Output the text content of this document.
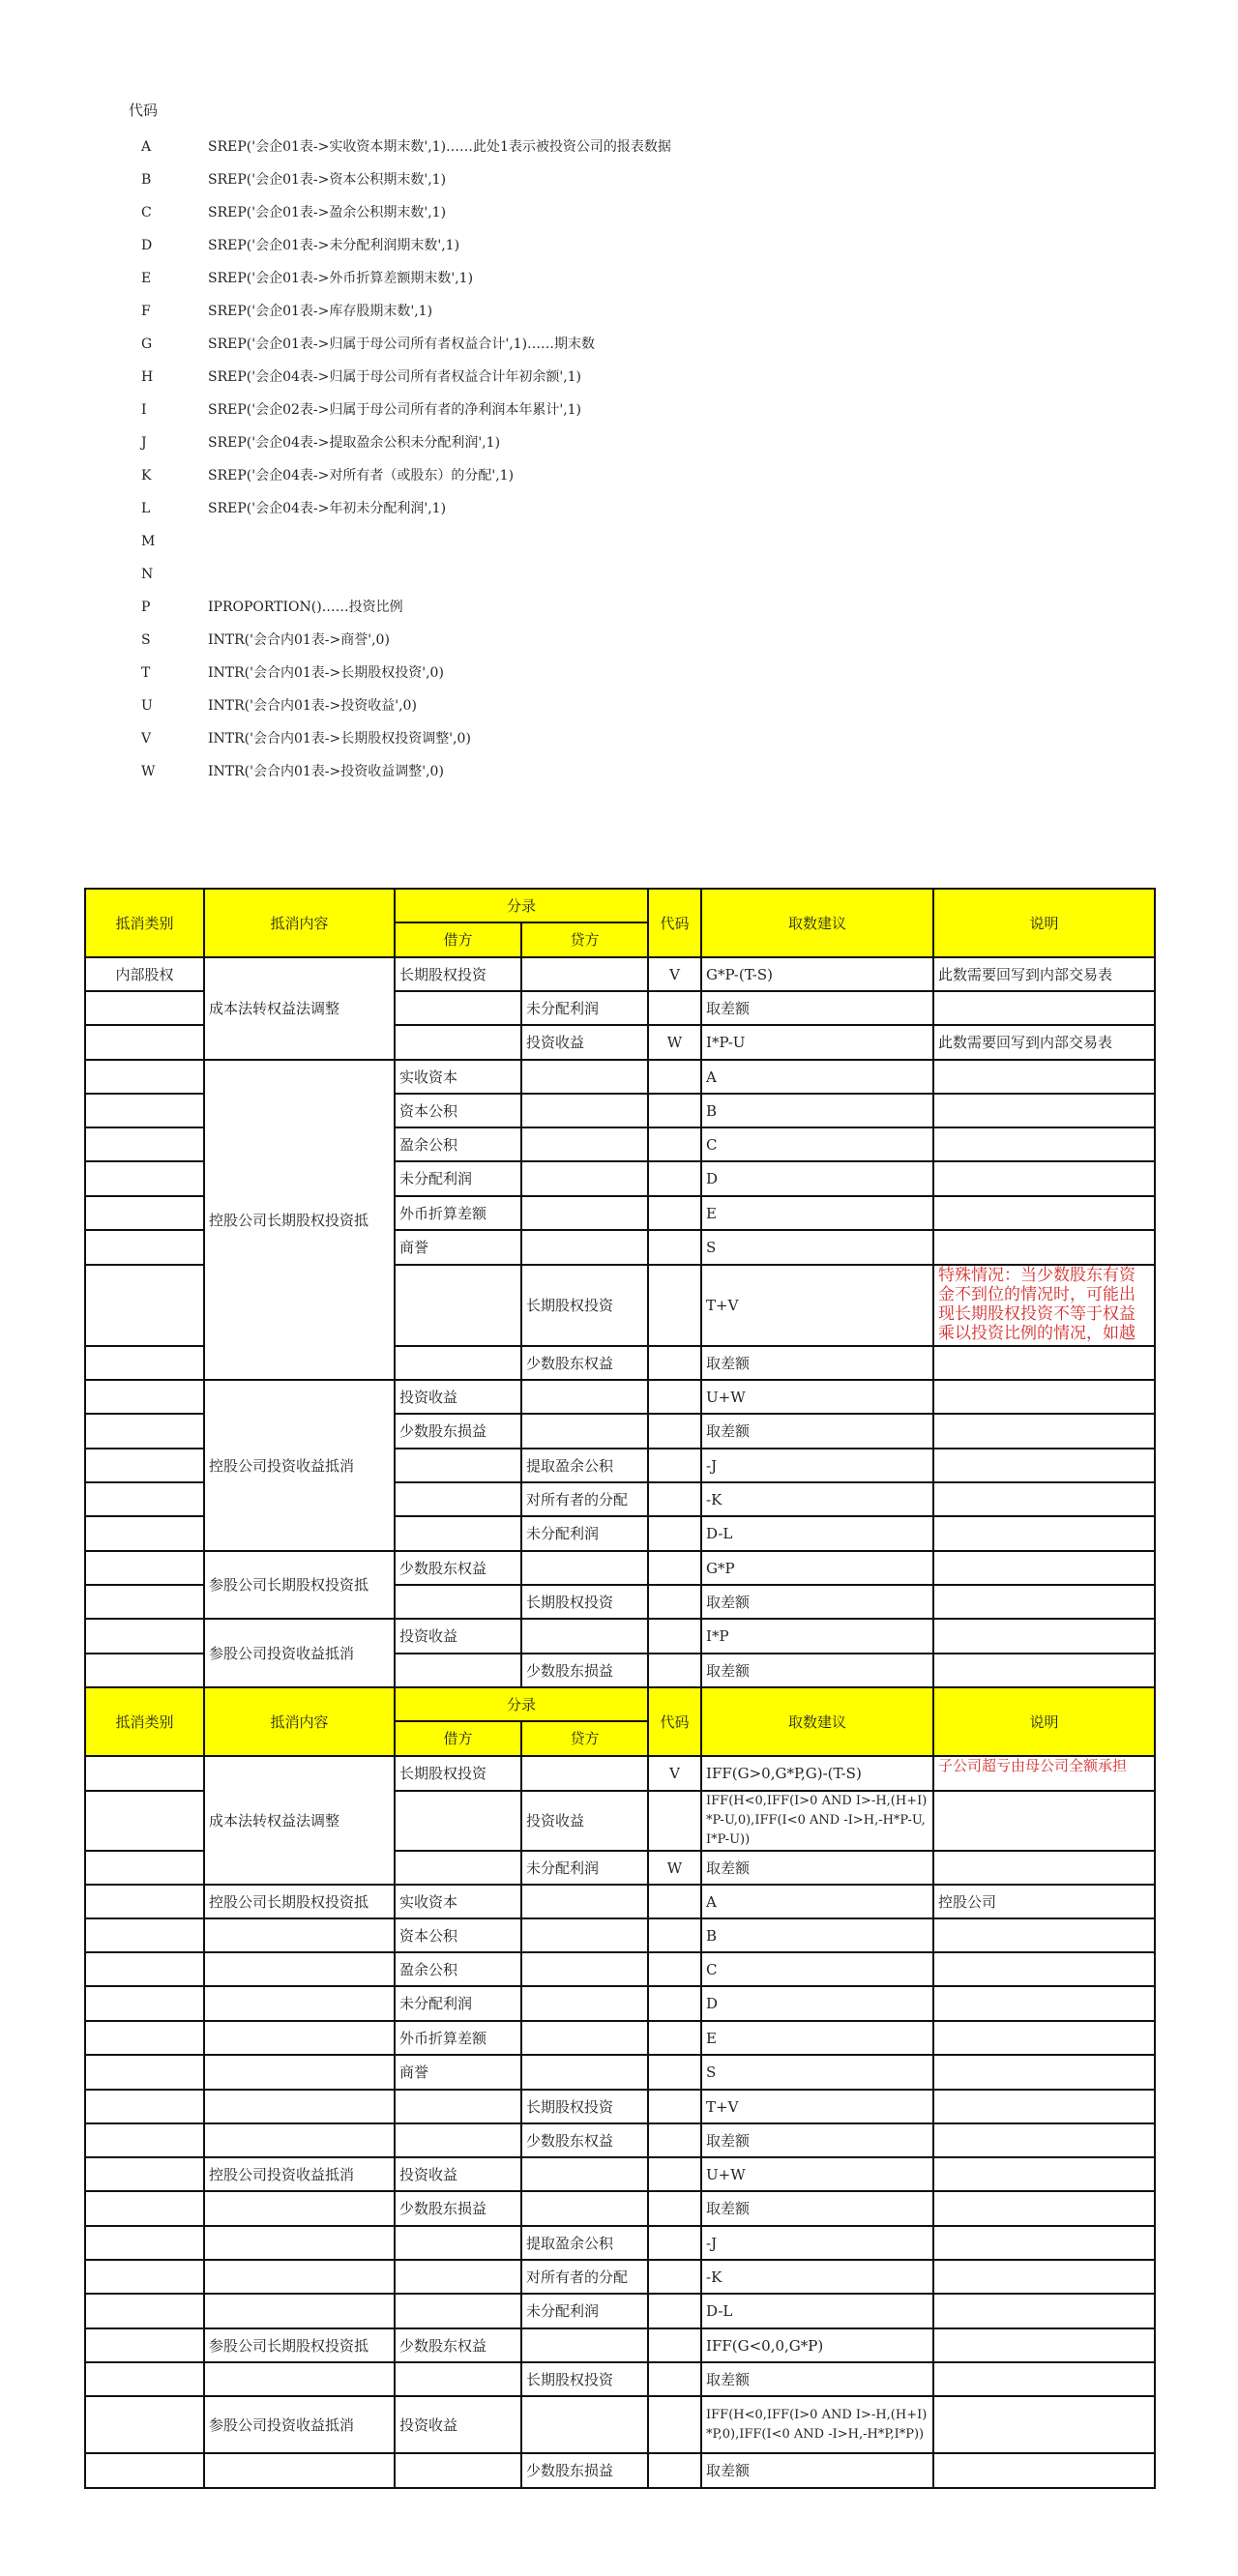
代码
A	SREP('会企01表->实收资本期末数',1)……此处1表示被投资公司的报表数据
B	SREP('会企01表->资本公积期末数',1)
C	SREP('会企01表->盈余公积期末数',1)
D	SREP('会企01表->未分配利润期末数',1)
E	SREP('会企01表->外币折算差额期末数',1)
F	SREP('会企01表->库存股期末数',1)
G	SREP('会企01表->归属于母公司所有者权益合计',1)……期末数
H	SREP('会企04表->归属于母公司所有者权益合计年初余额',1)
I	SREP('会企02表->归属于母公司所有者的净利润本年累计',1)
J	SREP('会企04表->提取盈余公积未分配利润',1)
K	SREP('会企04表->对所有者（或股东）的分配',1)
L	SREP('会企04表->年初未分配利润',1)
M
N
P	IPROPORTION()……投资比例
S	INTR('会合内01表->商誉',0)
T	INTR('会合内01表->长期股权投资',0)
U	INTR('会合内01表->投资收益',0)
V	INTR('会合内01表->长期股权投资调整',0)
W	INTR('会合内01表->投资收益调整',0)
抵消类别	抵消内容	分录		代码	取数建议	说明
		借方	贷方			
内部股权	成本法转权益法调整	长期股权投资		V	G*P-(T-S)	此数需要回写到内部交易表
			未分配利润		取差额	
			投资收益	W	I*P-U	此数需要回写到内部交易表
	控股公司长期股权投资抵	实收资本			A	
		资本公积			B	
		盈余公积			C	
		未分配利润			D	
		外币折算差额			E	
		商誉			S	
			长期股权投资		T+V	特殊情况：当少数股东有资金不到位的情况时，可能出现长期股权投资不等于权益乘以投资比例的情况，如越
			少数股东权益		取差额	
	控股公司投资收益抵消	投资收益			U+W	
		少数股东损益			取差额	
			提取盈余公积		-J	
			对所有者的分配		-K	
			未分配利润		D-L	
	参股公司长期股权投资抵	少数股东权益			G*P	
			长期股权投资		取差额	
	参股公司投资收益抵消	投资收益			I*P	
			少数股东损益		取差额	
抵消类别	抵消内容	分录		代码	取数建议	说明
		借方	贷方			
	成本法转权益法调整	长期股权投资		V	IFF(G>0,G*P,G)-(T-S)	子公司超亏由母公司全额承担
			投资收益		IFF(H<0,IFF(I>0 AND I>-H,(H+I)*P-U,0),IFF(I<0 AND -I>H,-H*P-U,I*P-U))	
			未分配利润	W	取差额	
	控股公司长期股权投资抵	实收资本			A	控股公司
		资本公积			B	
		盈余公积			C	
		未分配利润			D	
		外币折算差额			E	
		商誉			S	
			长期股权投资		T+V	
			少数股东权益		取差额	
	控股公司投资收益抵消	投资收益			U+W	
		少数股东损益			取差额	
			提取盈余公积		-J	
			对所有者的分配		-K	
			未分配利润		D-L	
	参股公司长期股权投资抵	少数股东权益			IFF(G<0,0,G*P)	
			长期股权投资		取差额	
	参股公司投资收益抵消	投资收益			IFF(H<0,IFF(I>0 AND I>-H,(H+I)*P,0),IFF(I<0 AND -I>H,-H*P,I*P))	
			少数股东损益		取差额	
